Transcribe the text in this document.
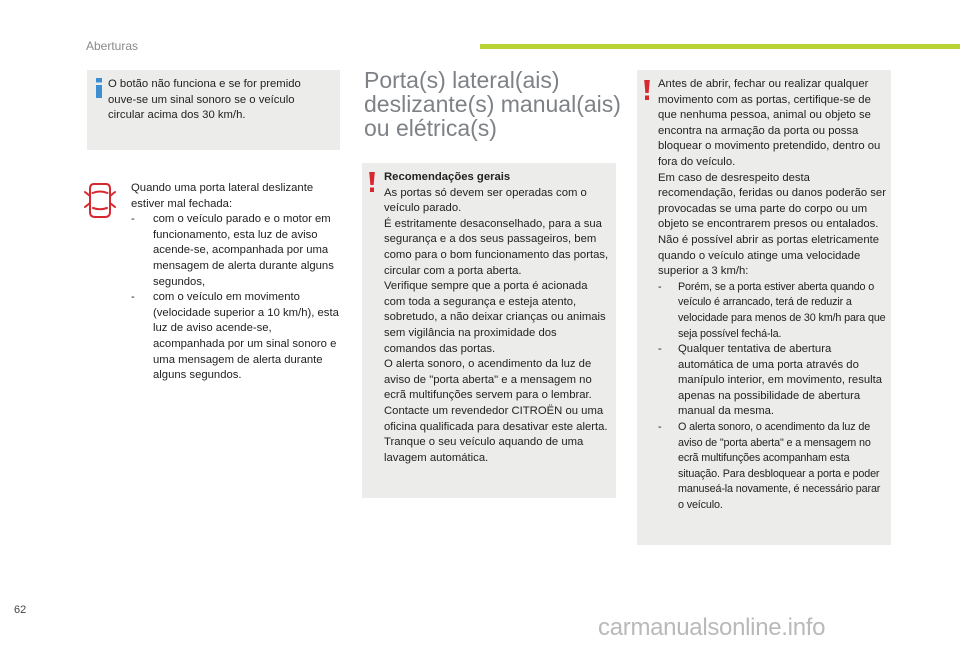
Aberturas
O botão não funciona e se for premido ouve-se um sinal sonoro se o veículo circular acima dos 30 km/h.

Quando uma porta lateral deslizante estiver mal fechada:

-	com o veículo parado e o motor em funcionamento, esta luz de aviso acende-se, acompanhada por uma mensagem de alerta durante alguns segundos,
-	com o veículo em movimento (velocidade superior a 10 km/h), esta luz de aviso acende-se, acompanhada por um sinal sonoro e uma mensagem de alerta durante alguns segundos.
Porta(s) lateral(ais)
deslizante(s) manual(ais)
ou elétrica(s)

Recomendações gerais

As portas só devem ser operadas com o veículo parado.

É estritamente desaconselhado, para a sua segurança e a dos seus passageiros, bem como para o bom funcionamento das portas, circular com a porta aberta.

Verifique sempre que a porta é acionada com toda a segurança e esteja atento, sobretudo, a não deixar crianças ou animais sem vigilância na proximidade dos comandos das portas.

O alerta sonoro, o acendimento da luz de aviso de "porta aberta" e a mensagem no ecrã multifunções servem para o lembrar.

Contacte um revendedor CITROËN ou uma oficina qualificada para desativar este alerta.

Tranque o seu veículo aquando de uma lavagem automática.

Antes de abrir, fechar ou realizar qualquer movimento com as portas, certifique-se de que nenhuma pessoa, animal ou objeto se encontra na armação da porta ou possa bloquear o movimento pretendido, dentro ou fora do veículo.

Em caso de desrespeito desta recomendação, feridas ou danos poderão ser provocadas se uma parte do corpo ou um objeto se encontrarem presos ou entalados.

Não é possível abrir as portas eletricamente quando o veículo atinge uma velocidade superior a 3 km/h:

-	Porém, se a porta estiver aberta quando o veículo é arrancado, terá de reduzir a velocidade para menos de 30 km/h para que seja possível fechá-la.
-	Qualquer tentativa de abertura automática de uma porta através do manípulo interior, em movimento, resulta apenas na possibilidade de abertura manual da mesma.
-	O alerta sonoro, o acendimento da luz de aviso de "porta aberta" e a mensagem no ecrã multifunções acompanham esta situação. Para desbloquear a porta e poder manuseá-la novamente, é necessário parar o veículo.
62
carmanualsonline.info
